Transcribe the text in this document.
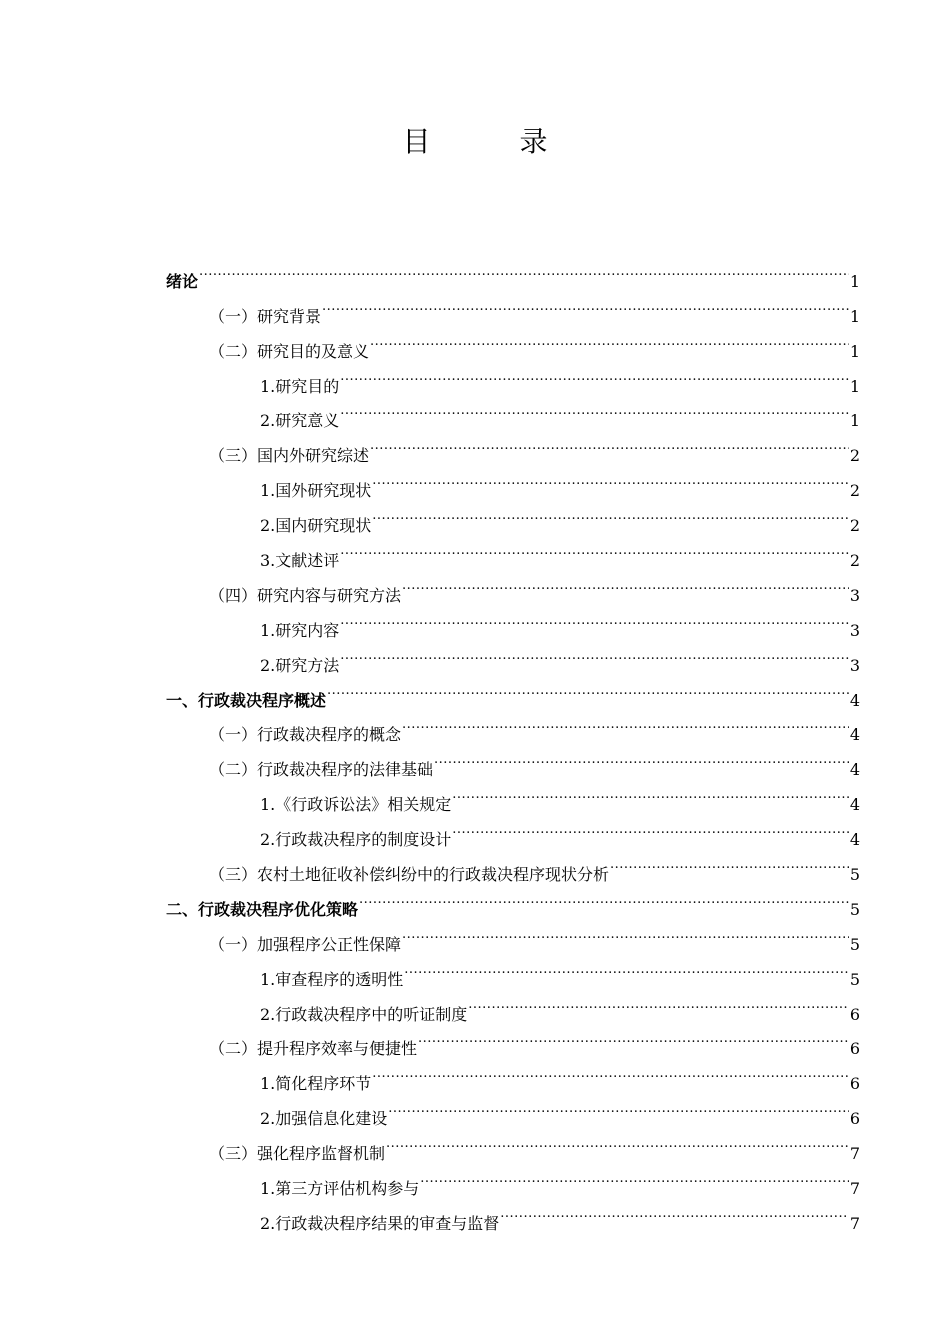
目 录
绪论 .....	1
（一）研究背景 .....	1
（二）研究目的及意义 .....	1
1.研究目的 .....	1
2.研究意义 .....	1
（三）国内外研究综述 .....	2
1.国外研究现状 .....	2
2.国内研究现状 .....	2
3.文献述评 .....	2
（四）研究内容与研究方法 .....	3
1.研究内容 .....	3
2.研究方法 .....	3
一、行政裁决程序概述 .....	4
（一）行政裁决程序的概念 .....	4
（二）行政裁决程序的法律基础 .....	4
1.《行政诉讼法》相关规定 .....	4
2.行政裁决程序的制度设计 .....	4
（三）农村土地征收补偿纠纷中的行政裁决程序现状分析 .....	5
二、行政裁决程序优化策略 .....	5
（一）加强程序公正性保障 .....	5
1.审查程序的透明性 .....	5
2.行政裁决程序中的听证制度 .....	6
（二）提升程序效率与便捷性 .....	6
1.简化程序环节 .....	6
2.加强信息化建设 .....	6
（三）强化程序监督机制 .....	7
1.第三方评估机构参与 .....	7
2.行政裁决程序结果的审查与监督 .....	7
